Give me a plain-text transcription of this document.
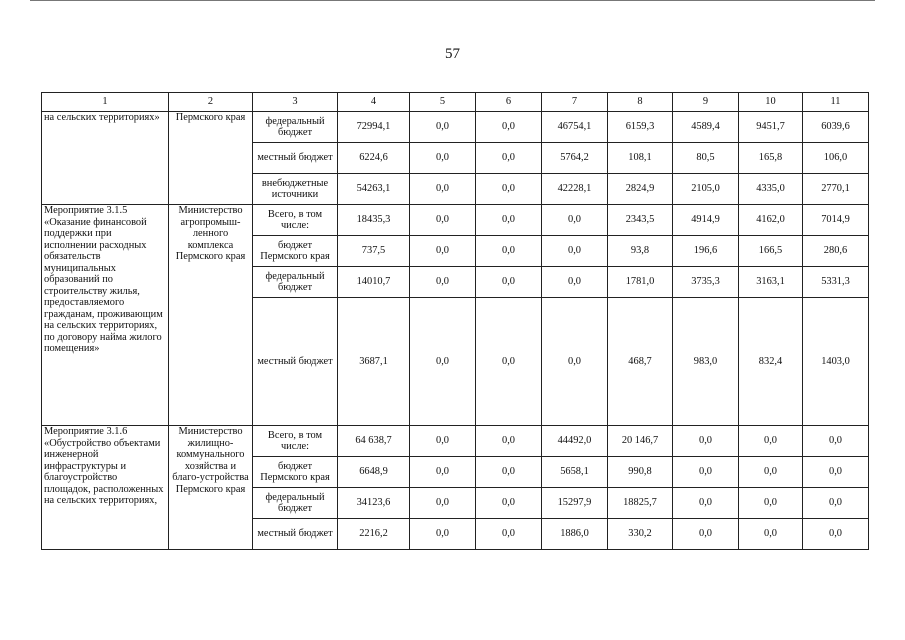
57
1	2	3	4	5	6	7	8	9	10	11
на сельских территориях»	Пермского края	федеральный бюджет	72994,1	0,0	0,0	46754,1	6159,3	4589,4	9451,7	6039,6
		местный бюджет	6224,6	0,0	0,0	5764,2	108,1	80,5	165,8	106,0
		внебюджетные источники	54263,1	0,0	0,0	42228,1	2824,9	2105,0	4335,0	2770,1
Мероприятие 3.1.5 «Оказание финансовой поддержки при исполнении расходных обязательств муниципальных образований по строительству жилья, предоставляемого гражданам, проживающим на сельских территориях, по договору найма жилого помещения»	Министерство агропромыш-ленного комплекса Пермского края	Всего, в том числе:	18435,3	0,0	0,0	0,0	2343,5	4914,9	4162,0	7014,9
		бюджет Пермского края	737,5	0,0	0,0	0,0	93,8	196,6	166,5	280,6
		федеральный бюджет	14010,7	0,0	0,0	0,0	1781,0	3735,3	3163,1	5331,3
		местный бюджет	3687,1	0,0	0,0	0,0	468,7	983,0	832,4	1403,0
Мероприятие 3.1.6 «Обустройство объектами инженерной инфраструктуры и благоустройство площадок, расположенных на сельских территориях,	Министерство жилищно-коммунального хозяйства и благо-устройства Пермского края	Всего, в том числе:	64 638,7	0,0	0,0	44492,0	20 146,7	0,0	0,0	0,0
		бюджет Пермского края	6648,9	0,0	0,0	5658,1	990,8	0,0	0,0	0,0
		федеральный бюджет	34123,6	0,0	0,0	15297,9	18825,7	0,0	0,0	0,0
		местный бюджет	2216,2	0,0	0,0	1886,0	330,2	0,0	0,0	0,0
